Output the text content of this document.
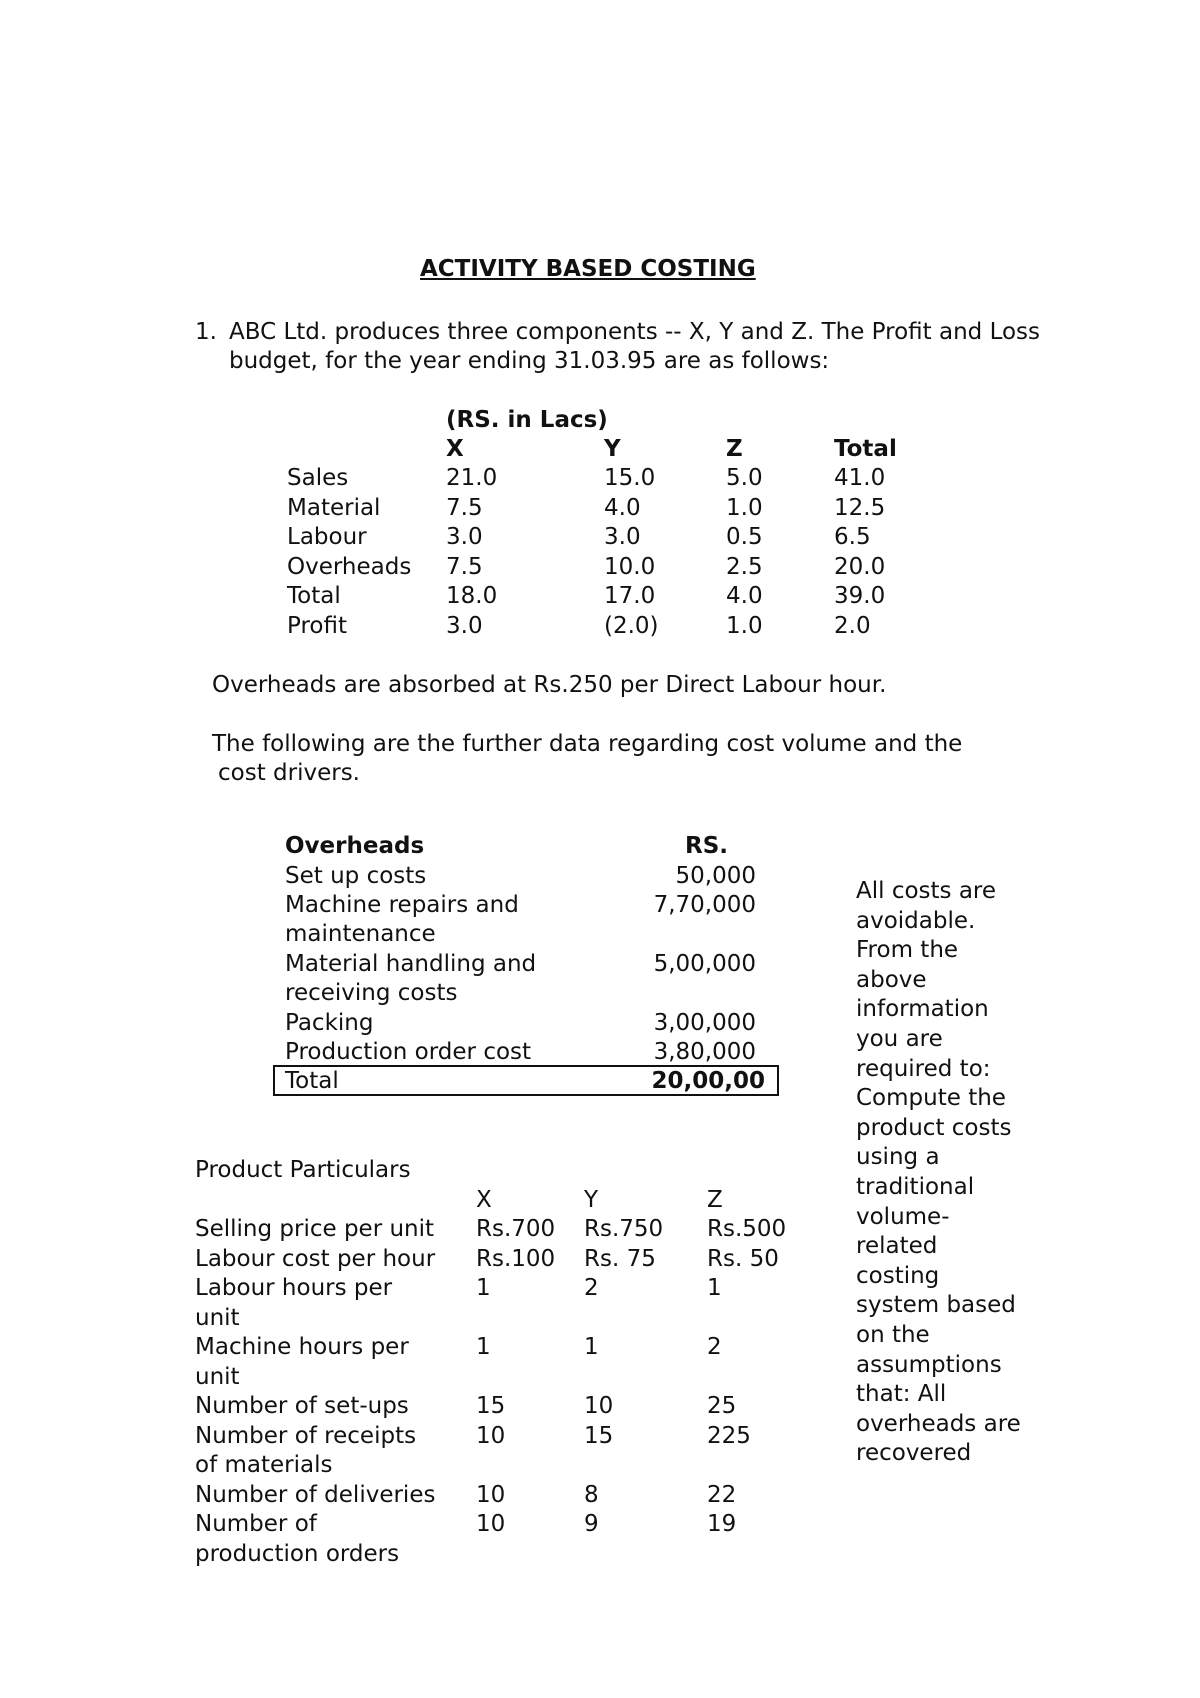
ACTIVITY BASED COSTING
1. ABC Ltd. produces three components -- X, Y and Z. The Profit and Loss
budget, for the year ending 31.03.95 are as follows:
(RS. in Lacs)
X	Y	Z	Total
Sales	21.0	15.0	5.0	41.0
Material	7.5	4.0	1.0	12.5
Labour	3.0	3.0	0.5	6.5
Overheads 7.5	10.0	2.5	20.0
Total	18.0	17.0	4.0	39.0
Profit	3.0	(2.0)	1.0	2.0
Overheads are absorbed at Rs.250 per Direct Labour hour.
The following are the further data regarding cost volume and the
cost drivers.
Overheads	RS.
Set up costs	50,000
Machine repairs and
maintenance
7,70,000
Material handling and
receiving costs
5,00,000
Packing	3,00,000
Production order cost	3,80,000
Total	20,00,00
All costs are avoidable. From the above information you are required to: Compute the product costs using a traditional volume-related costing system based on the assumptions that: All overheads are recovered
Product Particulars
X	Y	Z
Selling price per unit Rs.700 Rs.750 Rs.500
Labour cost per hour Rs.100 Rs. 75 Rs. 50
Labour hours per
unit
1	2	1
Machine hours per
unit
1	1	2
Number of set-ups	15	10	25
Number of receipts
of materials
10	15	225
Number of deliveries 10	8	22
Number of
production orders
10	9	19
